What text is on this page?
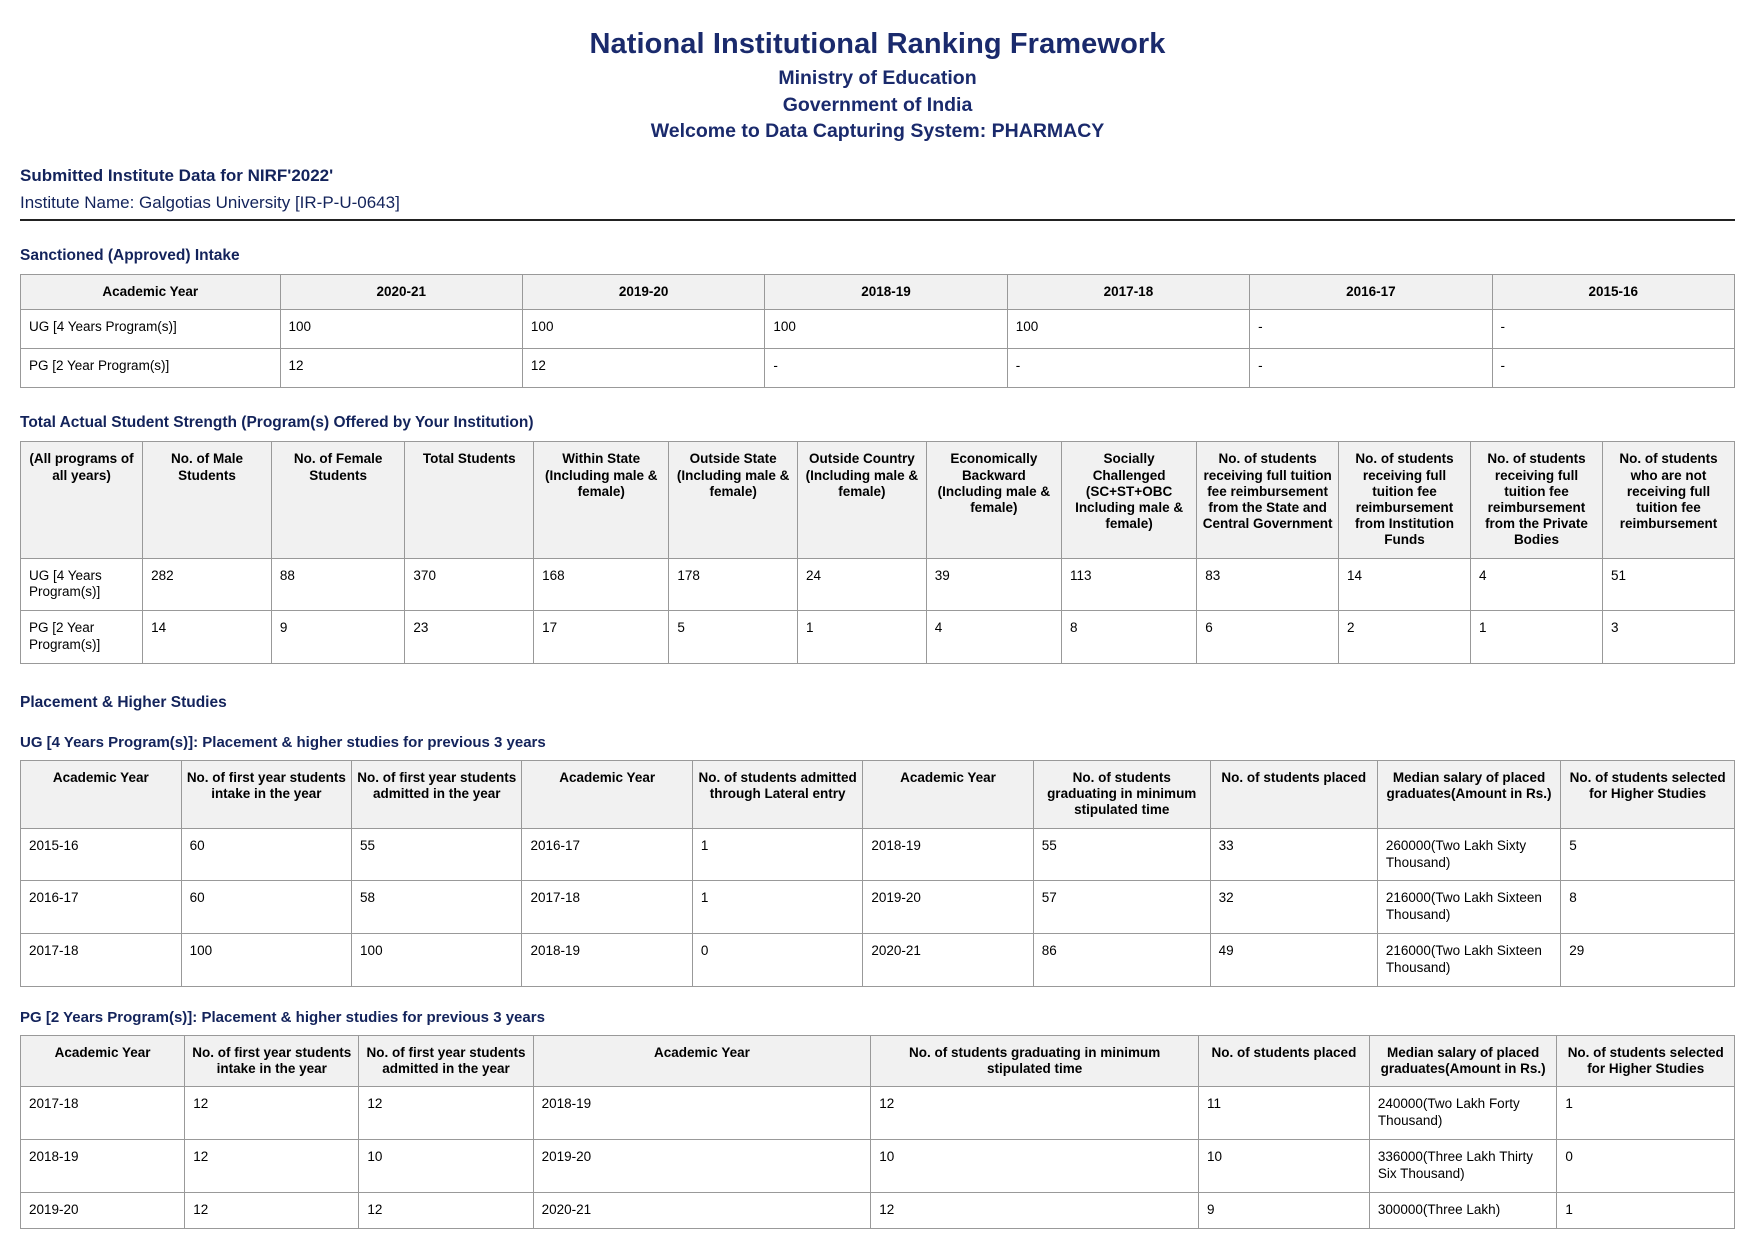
National Institutional Ranking Framework
Ministry of Education
Government of India
Welcome to Data Capturing System: PHARMACY
Submitted Institute Data for NIRF'2022'
Institute Name: Galgotias University [IR-P-U-0643]
Sanctioned (Approved) Intake
Academic Year	2020-21	2019-20	2018-19	2017-18	2016-17	2015-16
UG [4 Years Program(s)]	100	100	100	100	-	-
PG [2 Year Program(s)]	12	12	-	-	-	-
Total Actual Student Strength (Program(s) Offered by Your Institution)
(All programs of all years)	No. of Male Students	No. of Female Students	Total Students	Within State (Including male & female)	Outside State (Including male & female)	Outside Country (Including male & female)	Economically Backward (Including male & female)	Socially Challenged (SC+ST+OBC Including male & female)	No. of students receiving full tuition fee reimbursement from the State and Central Government	No. of students receiving full tuition fee reimbursement from Institution Funds	No. of students receiving full tuition fee reimbursement from the Private Bodies	No. of students who are not receiving full tuition fee reimbursement
UG [4 Years Program(s)]	282	88	370	168	178	24	39	113	83	14	4	51
PG [2 Year Program(s)]	14	9	23	17	5	1	4	8	6	2	1	3
Placement & Higher Studies
UG [4 Years Program(s)]: Placement & higher studies for previous 3 years
Academic Year	No. of first year students intake in the year	No. of first year students admitted in the year	Academic Year	No. of students admitted through Lateral entry	Academic Year	No. of students graduating in minimum stipulated time	No. of students placed	Median salary of placed graduates(Amount in Rs.)	No. of students selected for Higher Studies
2015-16	60	55	2016-17	1	2018-19	55	33	260000(Two Lakh Sixty Thousand)	5
2016-17	60	58	2017-18	1	2019-20	57	32	216000(Two Lakh Sixteen Thousand)	8
2017-18	100	100	2018-19	0	2020-21	86	49	216000(Two Lakh Sixteen Thousand)	29
PG [2 Years Program(s)]: Placement & higher studies for previous 3 years
Academic Year	No. of first year students intake in the year	No. of first year students admitted in the year	Academic Year	No. of students graduating in minimum stipulated time	No. of students placed	Median salary of placed graduates(Amount in Rs.)	No. of students selected for Higher Studies
2017-18	12	12	2018-19	12	11	240000(Two Lakh Forty Thousand)	1
2018-19	12	10	2019-20	10	10	336000(Three Lakh Thirty Six Thousand)	0
2019-20	12	12	2020-21	12	9	300000(Three Lakh)	1
